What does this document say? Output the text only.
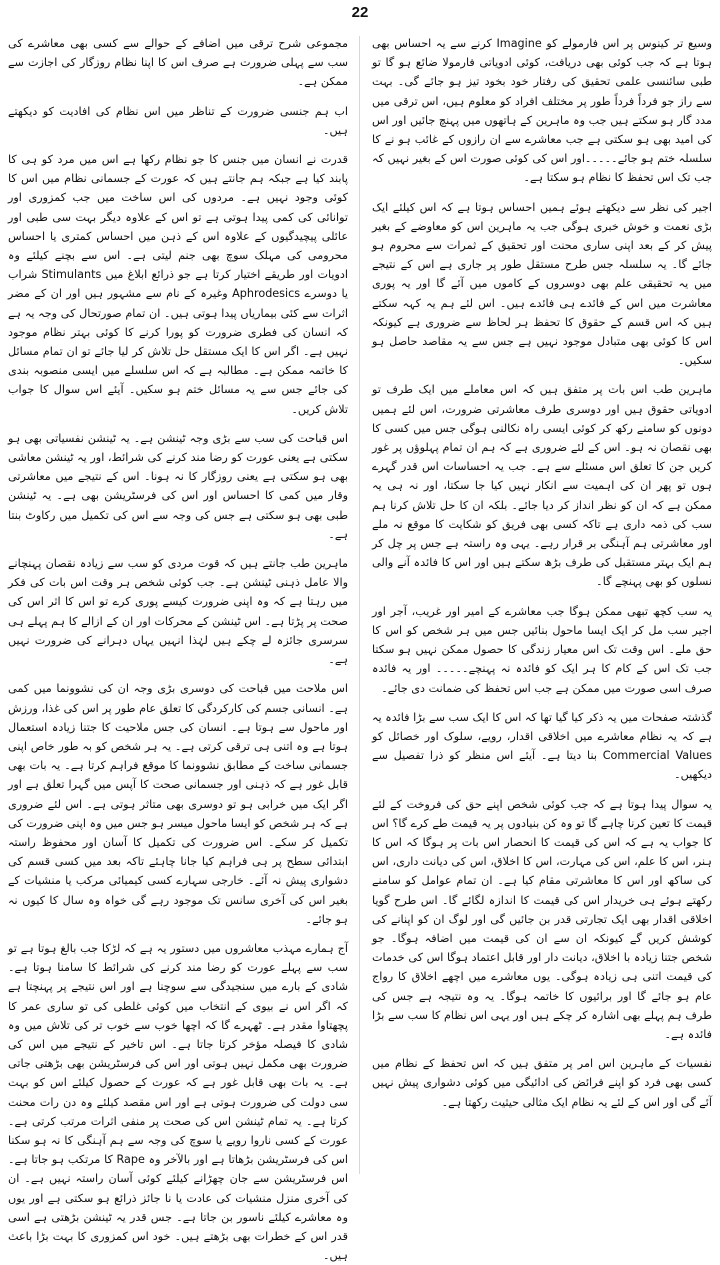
22

وسیع تر کینوس پر اس فارمولے کو Imagine کرنے سے یہ احساس بھی ہوتا ہے کہ جب کوئی بھی دریافت، کوئی ادویاتی فارمولا ضائع ہو گا تو طبی سائنسی علمی تحقیق کی رفتار خود بخود تیز ہو جائے گی۔ بہت سے راز جو فرداً فرداً طور پر مختلف افراد کو معلوم ہیں، اس ترقی میں مدد گار ہو سکتے ہیں جب وہ ماہرین کے ہاتھوں میں پہنچ جائیں اور اس کی امید بھی ہو سکتی ہے جب معاشرے سے ان رازوں کے غائب ہو نے کا سلسلہ ختم ہو جائے۔۔۔۔۔اور اس کی کوئی صورت اس کے بغیر نہیں کہ جب تک اس تحفظ کا نظام ہو سکتا ہے۔

اجیر کی نظر سے دیکھتے ہوئے ہمیں احساس ہوتا ہے کہ اس کیلئے ایک بڑی نعمت و خوش خبری ہوگی جب یہ ماہرین اس کو معاوضے کے بغیر پیش کر کے بعد اپنی ساری محنت اور تحقیق کے ثمرات سے محروم ہو جائے گا۔ یہ سلسلہ جس طرح مستقل طور پر جاری ہے اس کے نتیجے میں یہ تحقیقی علم بھی دوسروں کے کاموں میں آئے گا اور یہ پوری معاشرت میں اس کے فائدے ہی فائدے ہیں۔ اس لئے ہم یہ کہہ سکتے ہیں کہ اس قسم کے حقوق کا تحفظ ہر لحاظ سے ضروری ہے کیونکہ اس کا کوئی بھی متبادل موجود نہیں ہے جس سے یہ مقاصد حاصل ہو سکیں۔

ماہرین طب اس بات پر متفق ہیں کہ اس معاملے میں ایک طرف تو ادویاتی حقوق ہیں اور دوسری طرف معاشرتی ضرورت، اس لئے ہمیں دونوں کو سامنے رکھ کر کوئی ایسی راہ نکالنی ہوگی جس میں کسی کا بھی نقصان نہ ہو۔ اس کے لئے ضروری ہے کہ ہم ان تمام پہلوؤں پر غور کریں جن کا تعلق اس مسئلے سے ہے۔ جب یہ احساسات اس قدر گہرے ہوں تو پھر ان کی اہمیت سے انکار نہیں کیا جا سکتا، اور نہ ہی یہ ممکن ہے کہ ان کو نظر انداز کر دیا جائے۔ بلکہ ان کا حل تلاش کرنا ہم سب کی ذمہ داری ہے تاکہ کسی بھی فریق کو شکایت کا موقع نہ ملے اور معاشرتی ہم آہنگی بر قرار رہے۔ یہی وہ راستہ ہے جس پر چل کر ہم ایک بہتر مستقبل کی طرف بڑھ سکتے ہیں اور اس کا فائدہ آنے والی نسلوں کو بھی پہنچے گا۔

یہ سب کچھ تبھی ممکن ہوگا جب معاشرے کے امیر اور غریب، آجر اور اجیر سب مل کر ایک ایسا ماحول بنائیں جس میں ہر شخص کو اس کا حق ملے۔ اس وقت تک اس معیار زندگی کا حصول ممکن نہیں ہو سکتا جب تک اس کے کام کا ہر ایک کو فائدہ نہ پہنچے۔۔۔۔۔ اور یہ فائدہ صرف اسی صورت میں ممکن ہے جب اس تحفظ کی ضمانت دی جائے۔

گذشتہ صفحات میں یہ ذکر کیا گیا تھا کہ اس کا ایک سب سے بڑا فائدہ یہ ہے کہ یہ نظام معاشرے میں اخلاقی اقدار، رویے، سلوک اور خصائل کو Commercial Values بنا دیتا ہے۔ آیئے اس منظر کو ذرا تفصیل سے دیکھیں۔

یہ سوال پیدا ہوتا ہے کہ جب کوئی شخص اپنے حق کی فروخت کے لئے قیمت کا تعین کرنا چاہے گا تو وہ کن بنیادوں پر یہ قیمت طے کرے گا؟ اس کا جواب یہ ہے کہ اس کی قیمت کا انحصار اس بات پر ہوگا کہ اس کا ہنر، اس کا علم، اس کی مہارت، اس کا اخلاق، اس کی دیانت داری، اس کی ساکھ اور اس کا معاشرتی مقام کیا ہے۔ ان تمام عوامل کو سامنے رکھتے ہوئے ہی خریدار اس کی قیمت کا اندازہ لگائے گا۔ اس طرح گویا اخلاقی اقدار بھی ایک تجارتی قدر بن جائیں گی اور لوگ ان کو اپنانے کی کوشش کریں گے کیونکہ ان سے ان کی قیمت میں اضافہ ہوگا۔ جو شخص جتنا زیادہ با اخلاق، دیانت دار اور قابل اعتماد ہوگا اس کی خدمات کی قیمت اتنی ہی زیادہ ہوگی۔ یوں معاشرے میں اچھے اخلاق کا رواج عام ہو جائے گا اور برائیوں کا خاتمہ ہوگا۔ یہ وہ نتیجہ ہے جس کی طرف ہم پہلے بھی اشارہ کر چکے ہیں اور یہی اس نظام کا سب سے بڑا فائدہ ہے۔

نفسیات کے ماہرین اس امر پر متفق ہیں کہ اس تحفظ کے نظام میں کسی بھی فرد کو اپنے فرائض کی ادائیگی میں کوئی دشواری پیش نہیں آئے گی اور اس کے لئے یہ نظام ایک مثالی حیثیت رکھتا ہے۔

مجموعی شرح ترقی میں اضافے کے حوالے سے کسی بھی معاشرے کی سب سے پہلی ضرورت ہے صرف اس کا اپنا نظام روزگار کی اجازت سے ممکن ہے۔

اب ہم جنسی ضرورت کے تناظر میں اس نظام کی افادیت کو دیکھتے ہیں۔

قدرت نے انسان میں جنس کا جو نظام رکھا ہے اس میں مرد کو ہی کا پابند کیا ہے جبکہ ہم جانتے ہیں کہ عورت کے جسمانی نظام میں اس کا کوئی وجود نہیں ہے۔ مردوں کی اس ساخت میں جب کمزوری اور توانائی کی کمی پیدا ہوتی ہے تو اس کے علاوہ دیگر بہت سی طبی اور عائلی پیچیدگیوں کے علاوہ اس کے ذہن میں احساس کمتری یا احساس محرومی کی مہلک سوچ بھی جنم لیتی ہے۔ اس سے بچنے کیلئے وہ ادویات اور طریقے اختیار کرتا ہے جو ذرائع ابلاغ میں Stimulants شراب یا دوسرے Aphrodesics وغیرہ کے نام سے مشہور ہیں اور ان کے مضر اثرات سے کئی بیماریاں پیدا ہوتی ہیں۔ ان تمام صورتحال کی وجہ یہ ہے کہ انسان کی فطری ضرورت کو پورا کرنے کا کوئی بہتر نظام موجود نہیں ہے۔ اگر اس کا ایک مستقل حل تلاش کر لیا جائے تو ان تمام مسائل کا خاتمہ ممکن ہے۔ مطالبہ ہے کہ اس سلسلے میں ایسی منصوبہ بندی کی جائے جس سے یہ مسائل ختم ہو سکیں۔ آیئے اس سوال کا جواب تلاش کریں۔

اس قباحت کی سب سے بڑی وجہ ٹینشن ہے۔ یہ ٹینشن نفسیاتی بھی ہو سکتی ہے یعنی عورت کو رضا مند کرنے کی شرائط، اور یہ ٹینشن معاشی بھی ہو سکتی ہے یعنی روزگار کا نہ ہونا۔ اس کے نتیجے میں معاشرتی وقار میں کمی کا احساس اور اس کی فرسٹریشن بھی ہے۔ یہ ٹینشن طبی بھی ہو سکتی ہے جس کی وجہ سے اس کی تکمیل میں رکاوٹ بنتا ہے۔

ماہرین طب جانتے ہیں کہ قوت مردی کو سب سے زیادہ نقصان پہنچانے والا عامل ذہنی ٹینشن ہے۔ جب کوئی شخص ہر وقت اس بات کی فکر میں رہتا ہے کہ وہ اپنی ضرورت کیسے پوری کرے تو اس کا اثر اس کی صحت پر پڑتا ہے۔ اس ٹینشن کے محرکات اور ان کے ازالے کا ہم پہلے ہی سرسری جائزہ لے چکے ہیں لہٰذا انہیں یہاں دہرانے کی ضرورت نہیں ہے۔

اس ملاحت میں قباحت کی دوسری بڑی وجہ ان کی نشوونما میں کمی ہے۔ انسانی جسم کی کارکردگی کا تعلق عام طور پر اس کی غذا، ورزش اور ماحول سے ہوتا ہے۔ انسان کی جس ملاحیت کا جتنا زیادہ استعمال ہوتا ہے وہ اتنی ہی ترقی کرتی ہے۔ یہ ہر شخص کو بہ طور خاص اپنی جسمانی ساخت کے مطابق نشوونما کا موقع فراہم کرتا ہے۔ یہ بات بھی قابل غور ہے کہ ذہنی اور جسمانی صحت کا آپس میں گہرا تعلق ہے اور اگر ایک میں خرابی ہو تو دوسری بھی متاثر ہوتی ہے۔ اس لئے ضروری ہے کہ ہر شخص کو ایسا ماحول میسر ہو جس میں وہ اپنی ضرورت کی تکمیل کر سکے۔ اس ضرورت کی تکمیل کا آسان اور محفوظ راستہ ابتدائی سطح پر ہی فراہم کیا جانا چاہئے تاکہ بعد میں کسی قسم کی دشواری پیش نہ آئے۔ خارجی سہارے کسی کیمیائی مرکب یا منشیات کے بغیر اس کی آخری سانس تک موجود رہے گی خواہ وہ سال کا کیوں نہ ہو جائے۔

آج ہمارے مہذب معاشروں میں دستور یہ ہے کہ لڑکا جب بالغ ہوتا ہے تو سب سے پہلے عورت کو رضا مند کرنے کی شرائط کا سامنا ہوتا ہے۔ شادی کے بارے میں سنجیدگی سے سوچنا ہے اور اس نتیجے پر پہنچتا ہے کہ اگر اس نے بیوی کے انتخاب میں کوئی غلطی کی تو ساری عمر کا پچھتاوا مقدر ہے۔ ٹھہرے گا کہ اچھا خوب سے خوب تر کی تلاش میں وہ شادی کا فیصلہ مؤخر کرتا جاتا ہے۔ اس تاخیر کے نتیجے میں اس کی ضرورت بھی مکمل نہیں ہوتی اور اس کی فرسٹریشن بھی بڑھتی جاتی ہے۔ یہ بات بھی قابل غور ہے کہ عورت کے حصول کیلئے اس کو بہت سی دولت کی ضرورت ہوتی ہے اور اس مقصد کیلئے وہ دن رات محنت کرتا ہے۔ یہ تمام ٹینشن اس کی صحت پر منفی اثرات مرتب کرتی ہے۔ عورت کے کسی ناروا رویے یا سوچ کی وجہ سے ہم آہنگی کا نہ ہو سکنا اس کی فرسٹریشن بڑھاتا ہے اور بالآخر وہ Rape کا مرتکب ہو جاتا ہے۔ اس فرسٹریشن سے جان چھڑانے کیلئے کوئی آسان راستہ نہیں ہے۔ ان کی آخری منزل منشیات کی عادت یا نا جائز ذرائع ہو سکتی ہے اور یوں وہ معاشرے کیلئے ناسور بن جاتا ہے۔ جس قدر یہ ٹینشن بڑھتی ہے اسی قدر اس کے خطرات بھی بڑھتے ہیں۔ خود اس کمزوری کا بہت بڑا باعث ہیں۔
